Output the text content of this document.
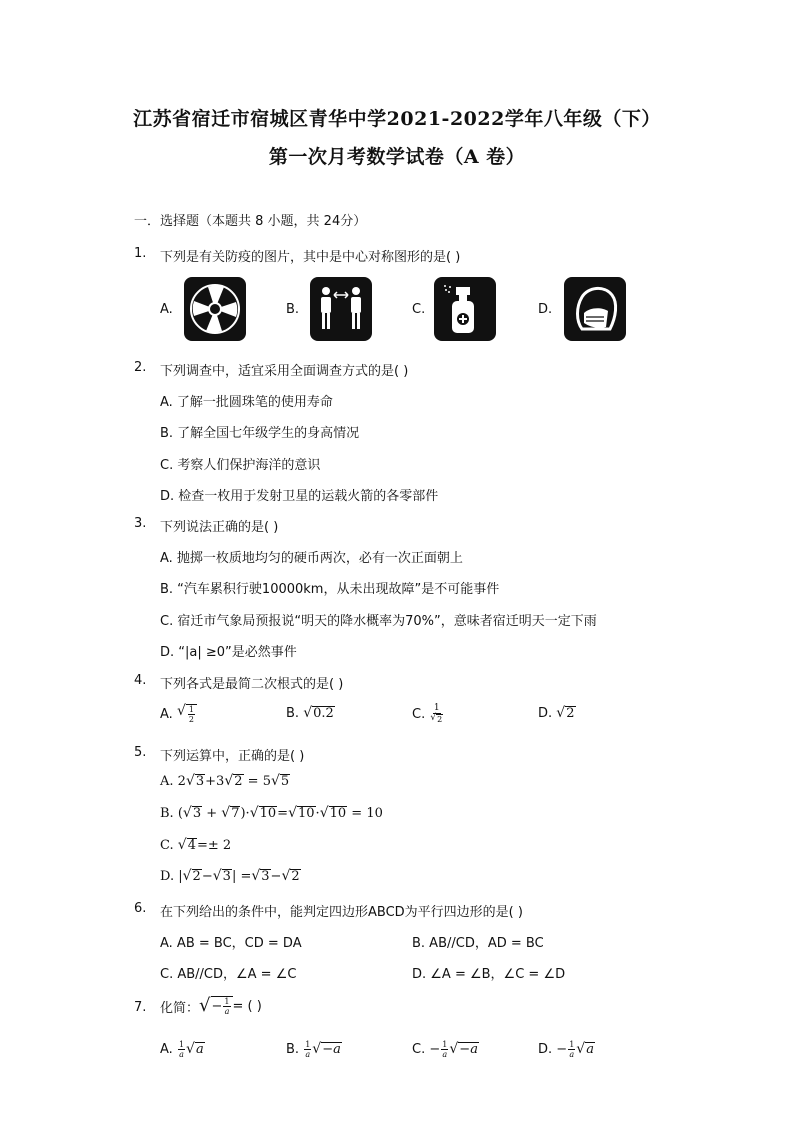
江苏省宿迁市宿城区青华中学2021-2022学年八年级（下）
第一次月考数学试卷（A 卷）
一．选择题（本题共 8 小题，共 24分）
1. 下列是有关防疫的图片，其中是中心对称图形的是( )
A.	B.	C.	D.
2. 下列调查中，适宜采用全面调查方式的是( )
A. 了解一批圆珠笔的使用寿命
B. 了解全国七年级学生的身高情况
C. 考察人们保护海洋的意识
D. 检查一枚用于发射卫星的运载火箭的各零部件
3. 下列说法正确的是( )
A. 抛掷一枚质地均匀的硬币两次，必有一次正面朝上
B. “汽车累积行驶10000km，从未出现故障”是不可能事件
C. 宿迁市气象局预报说“明天的降水概率为70%”，意味者宿迁明天一定下雨
D. “|a| ≥0”是必然事件
4. 下列各式是最简二次根式的是( )
A.
√ $\frac{1}{2}$	B.
√ 0.2	C.
$\frac{1}{√ 2}$	D.
√ 2
5. 下列运算中，正确的是( )
A.
2 √ 3 +3 √ 2
= 5 √ 5
B.
( √ 3 + √ 7 )· √ 10 = √ 10 · √ 10
= 10
C.
√ 4 =± 2
D.
| √ 2 − √ 3 | = √ 3 − √ 2
6. 在下列给出的条件中，能判定四边形ABCD为平行四边形的是( )
A. AB = BC，CD = DA	B. AB//CD，AD = BC
C. AB//CD，∠A = ∠C	D. ∠A = ∠B，∠C = ∠D
7. 化简： √ − $\frac{1}{a}$ = ( )
A.
$\frac{1}{a}$ √ a	B.
$\frac{1}{a}$ √ −a	C.
− $\frac{1}{a}$ √ −a	D.
− $\frac{1}{a}$ √ a
